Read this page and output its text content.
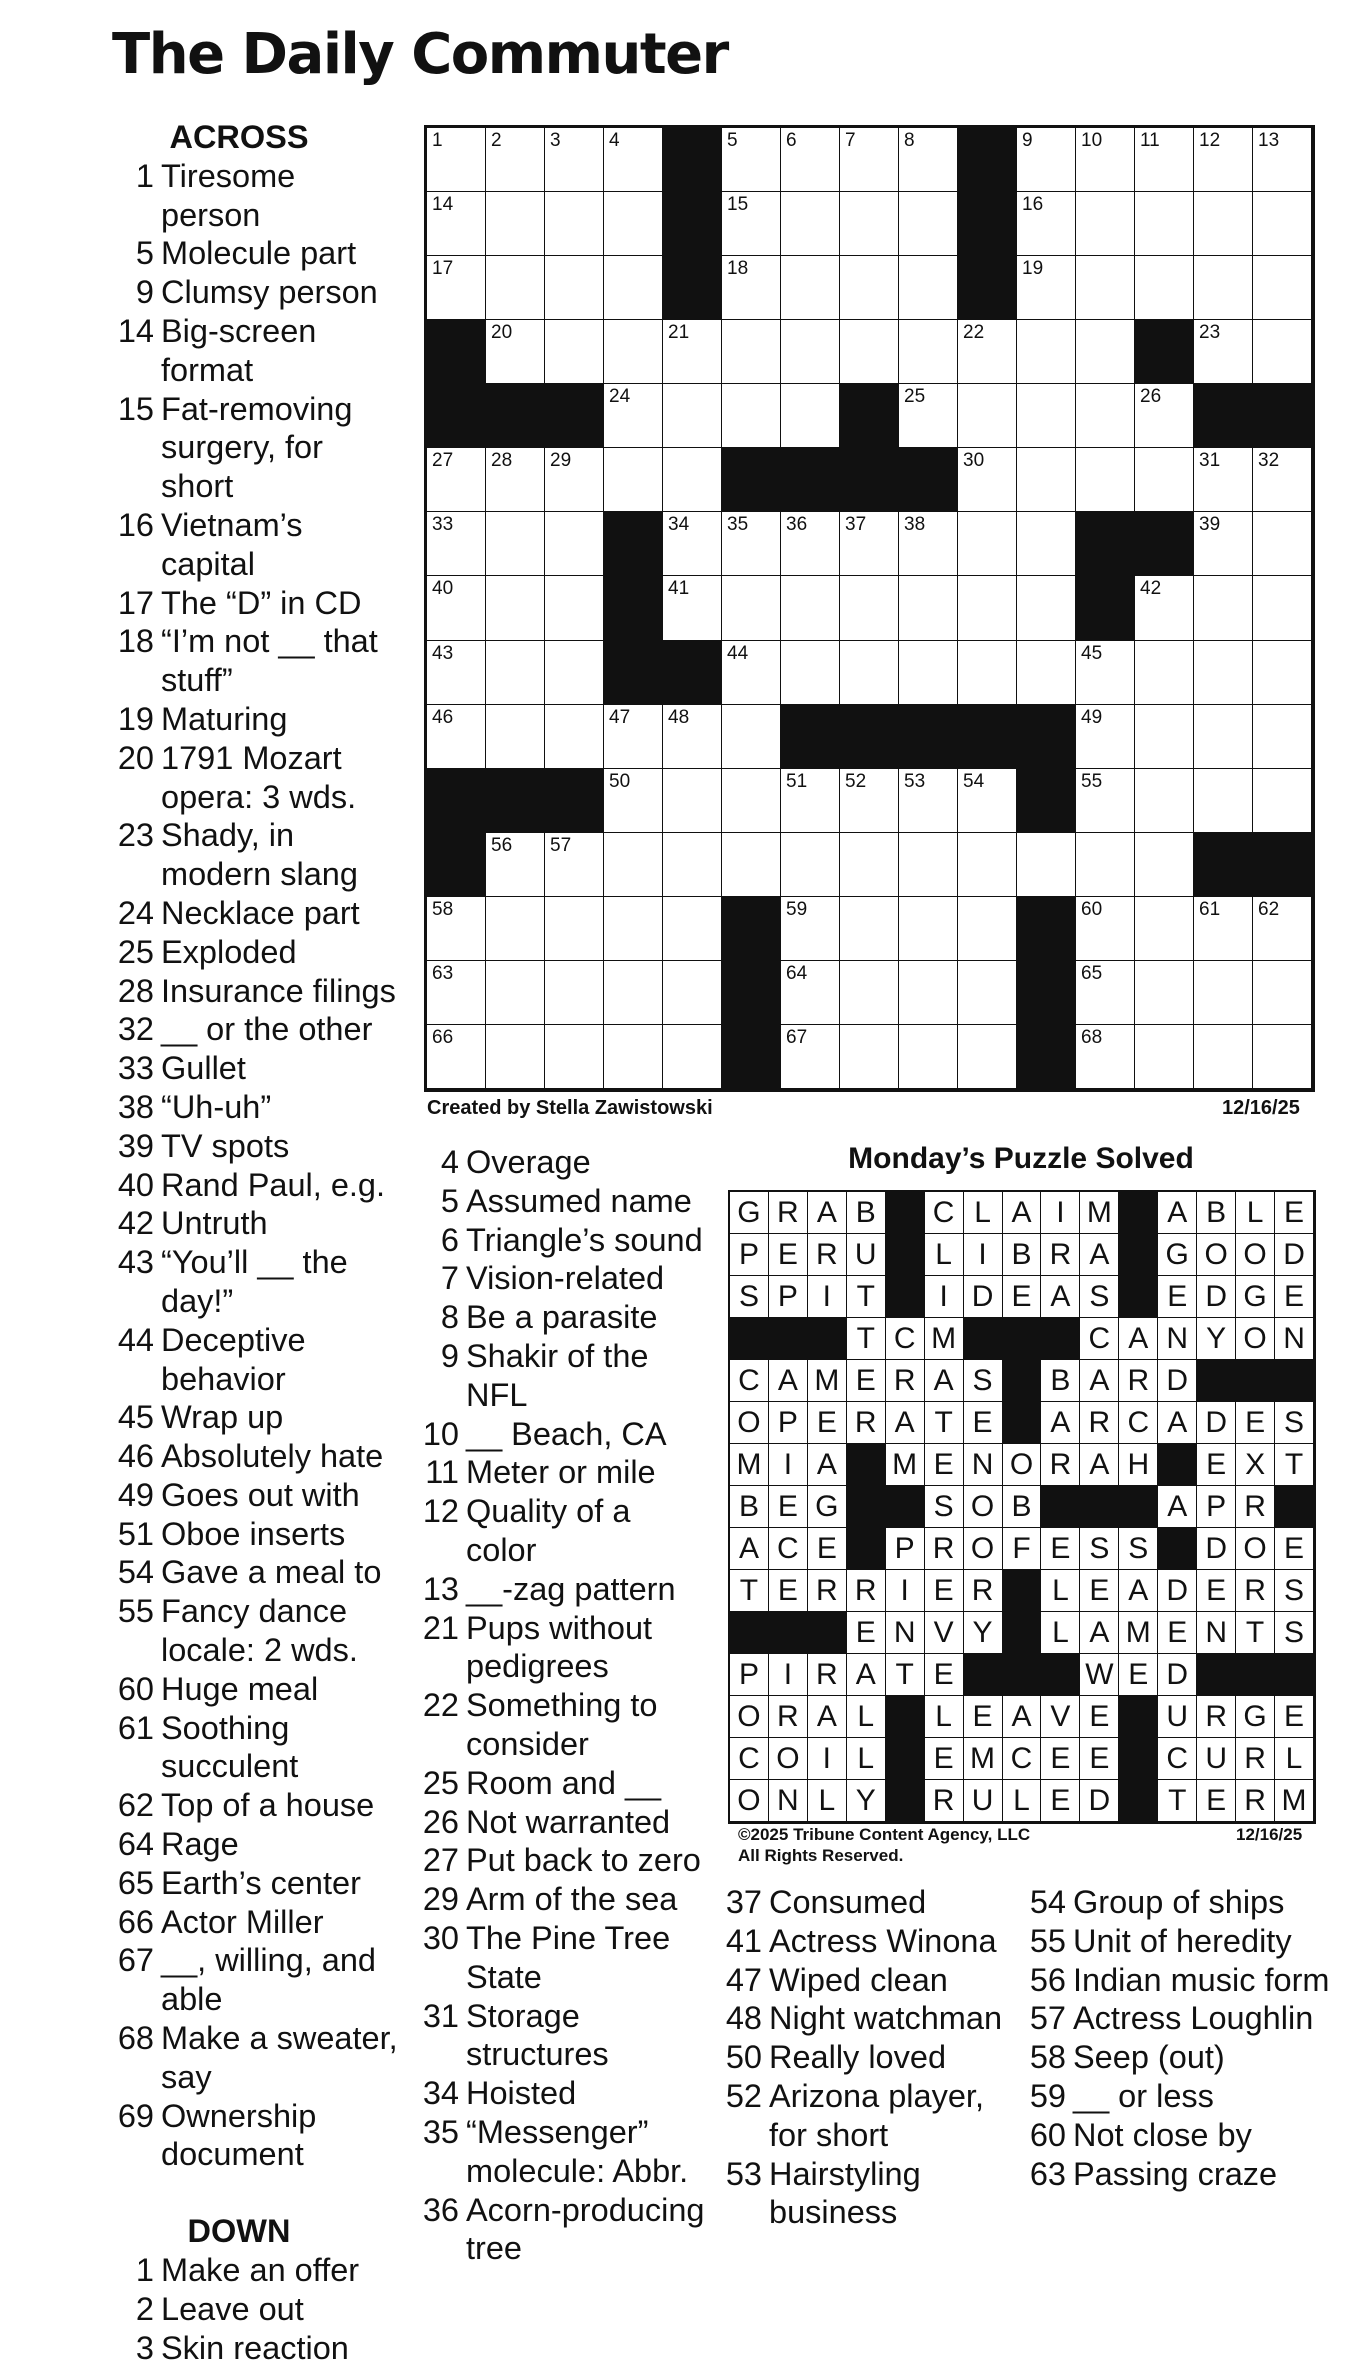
The Daily Commuter
ACROSS
1 Tiresome person
5 Molecule part
9 Clumsy person
14 Big-screen format
15 Fat-removing surgery, for short
16 Vietnam’s capital
17 The “D” in CD
18 “I’m not __ that stuff”
19 Maturing
20 1791 Mozart opera: 3 wds.
23 Shady, in modern slang
24 Necklace part
25 Exploded
28 Insurance filings
32 __ or the other
33 Gullet
38 “Uh-uh”
39 TV spots
40 Rand Paul, e.g.
42 Untruth
43 “You’ll __ the day!”
44 Deceptive behavior
45 Wrap up
46 Absolutely hate
49 Goes out with
51 Oboe inserts
54 Gave a meal to
55 Fancy dance locale: 2 wds.
60 Huge meal
61 Soothing succulent
62 Top of a house
64 Rage
65 Earth’s center
66 Actor Miller
67 __, willing, and able
68 Make a sweater, say
69 Ownership document
DOWN
1 Make an offer
2 Leave out
3 Skin reaction
1	2	3	4	5	6	7	8	9	10 11 12 13
14	15	16
17	18	19
20	21	22	23
24	25	26
27 28 29	30	31 32
33	34 35 36 37 38	39
40	41	42
43	44	45
46	47 48	49
50	51 52 53 54	55
56 57
58	59	60	61 62
63	64	65
66	67	68
Created by Stella Zawistowski	12/16/25
4 Overage
5 Assumed name
6 Triangle’s sound
7 Vision-related
8 Be a parasite
9 Shakir of the NFL
10 __ Beach, CA
11 Meter or mile
12 Quality of a color
13 __-zag pattern
21 Pups without pedigrees
22 Something to consider
25 Room and __
26 Not warranted
27 Put back to zero
29 Arm of the sea
30 The Pine Tree State
31 Storage structures
34 Hoisted
35 “Messenger” molecule: Abbr.
36 Acorn-producing tree
Monday’s Puzzle Solved
G R A B	C L A I M A B L E
P E R U	L I B R A	G O O D
S P I T	I D E A S	E D G E
T C M	C A N Y O N
C A M E R A S	B A R D
O P E R A T E	A R C A D E S
M I A	M E N O R A H	E X T
B E G	S O B	A P R
A C E	P R O F E S S	D O E
T E R R I E R	L E A D E R S
E N V Y	L A M E N T S
P I R A T E	W E D
O R A L	L E A V E	U R G E
C O I L	E M C E E	C U R L
O N L Y	R U L E D	T E R M
©2025 Tribune Content Agency, LLC
All Rights Reserved.
12/16/25
37 Consumed
41 Actress Winona
47 Wiped clean
48 Night watchman
50 Really loved
52 Arizona player, for short
53 Hairstyling business
54 Group of ships
55 Unit of heredity
56 Indian music form
57 Actress Loughlin
58 Seep (out)
59 __ or less
60 Not close by
63 Passing craze
